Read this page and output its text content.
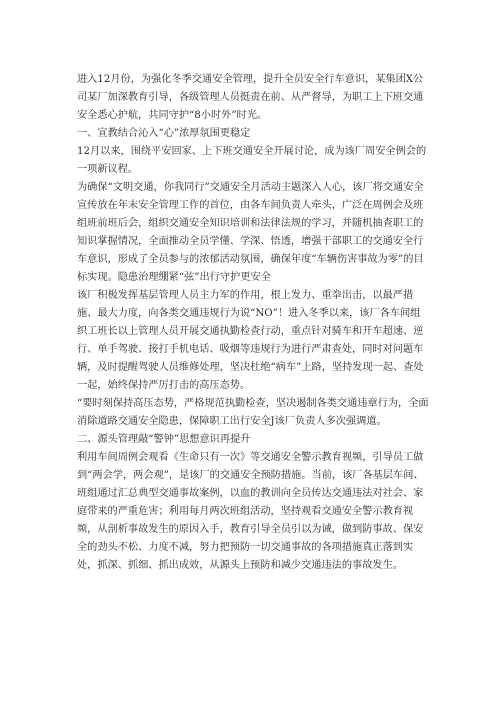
进入12月份，为强化冬季交通安全管理，提升全员安全行车意识，某集团X公司某厂加深教育引导，各级管理人员挺责在前、从严督导，为职工上下班交通安全悉心护航，共同守护“8小时外”时光。

一、宣教结合沁入“心”浓厚氛围更稳定

12月以来，围绕平安回家、上下班交通安全开展讨论，成为该厂周安全例会的一项新议程。

为确保“文明交通，你我同行”交通安全月活动主题深入人心，该厂将交通安全宣传放在年末安全管理工作的首位，由各车间负责人牵头，广泛在周例会及班组班前班后会，组织交通安全知识培训和法律法规的学习，并随机抽查职工的知识掌握情况，全面推动全员学懂、学深、悟透，增强干部职工的交通安全行车意识，形成了全员参与的浓郁活动氛围，确保年度“车辆伤害事故为零”的目标实现。隐患治理绷紧“弦”出行守护更安全

该厂积极发挥基层管理人员主力军的作用，根上发力、重拳出击，以最严措施、最大力度，向各类交通违规行为说“NO”！进入冬季以来，该厂各车间组织工班长以上管理人员开展交通执勤检查行动，重点针对骑车和开车超速、逆行、单手驾驶、接打手机电话、吸烟等违规行为进行严肃查处，同时对问题车辆，及时提醒驾驶人员维修处理，坚决杜绝“病车”上路，坚持发现一起、查处一起，始终保持严厉打击的高压态势。

“要时刻保持高压态势，严格规范执勤检查，坚决遏制各类交通违章行为，全面消除道路交通安全隐患，保障职工出行安全J该厂负责人多次强调道。

二、源头管理敲“警钟”思想意识再提升

利用车间周例会观看《生命只有一次》等交通安全警示教育视频，引导员工做到“两会学，两会观”，是该厂的交通安全预防措施。当前，该厂各基层车间、班组通过汇总典型交通事故案例，以血的教训向全员传达交通违法对社会、家庭带来的严重危害；利用每月两次班组活动，坚持观看交通安全警示教育视频，从剖析事故发生的原因入手，教育引导全员引以为诫，做到防事故、保安全的劲头不松、力度不减，努力把预防一切交通事故的各项措施真正落到实处，抓深、抓细、抓出成效，从源头上预防和减少交通违法的事故发生。
